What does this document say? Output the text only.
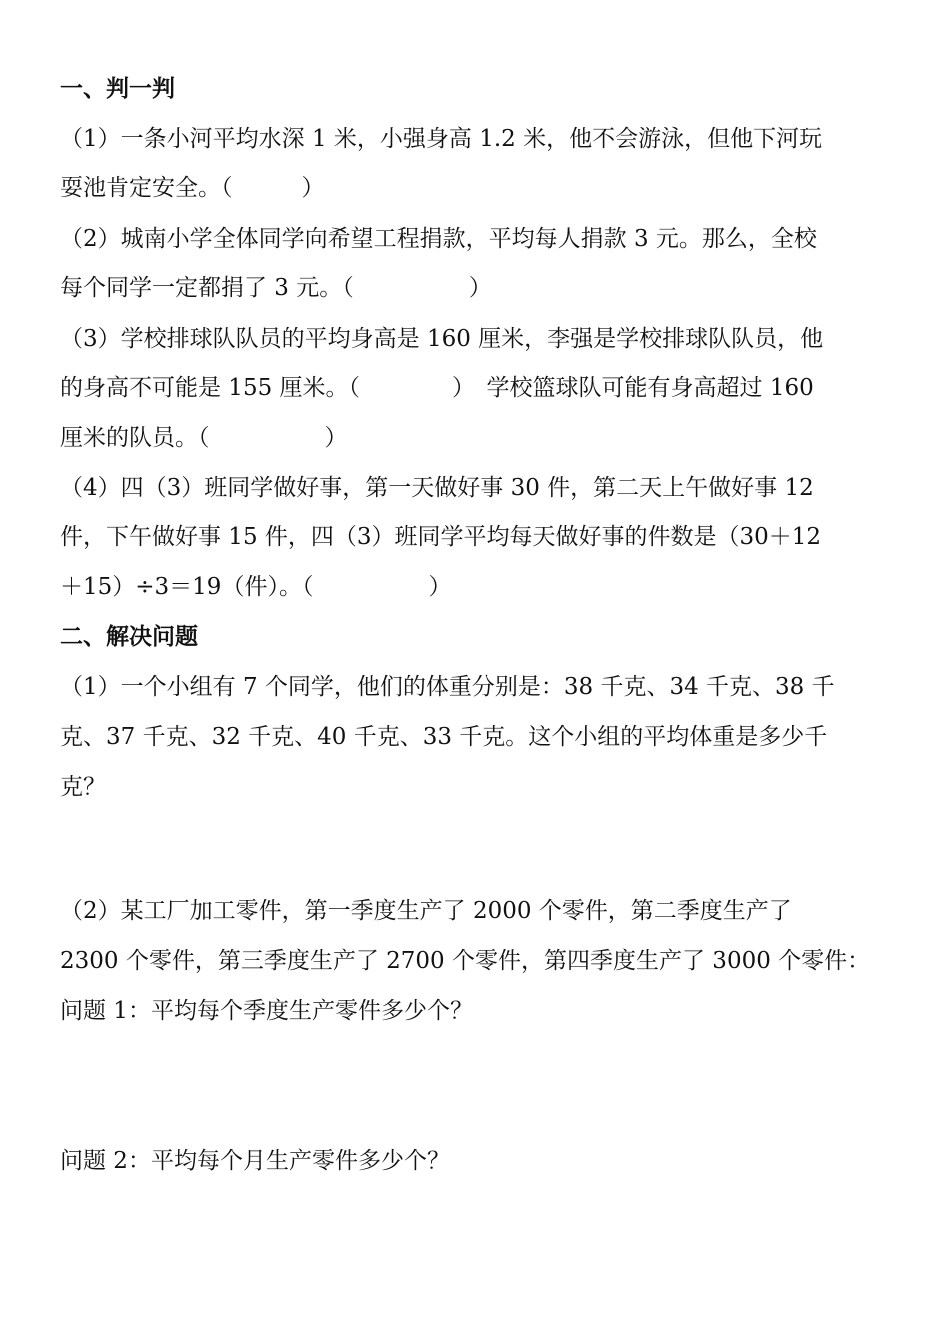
一、判一判
（1）一条小河平均水深 1 米，小强身高 1.2 米，他不会游泳，但他下河玩
耍池肯定安全。（　　　）
（2）城南小学全体同学向希望工程捐款，平均每人捐款 3 元。那么，全校
每个同学一定都捐了 3 元。（　　　　　）
（3）学校排球队队员的平均身高是 160 厘米，李强是学校排球队队员，他
的身高不可能是 155 厘米。（　　　　）　学校篮球队可能有身高超过 160
厘米的队员。（　　　　　）
（4）四（3）班同学做好事，第一天做好事 30 件，第二天上午做好事 12
件，下午做好事 15 件，四（3）班同学平均每天做好事的件数是（30＋12
＋15）÷3＝19（件）。（　　　　　）
二、解决问题
（1）一个小组有 7 个同学，他们的体重分别是：38 千克、34 千克、38 千
克、37 千克、32 千克、40 千克、33 千克。这个小组的平均体重是多少千
克？
（2）某工厂加工零件，第一季度生产了 2000 个零件，第二季度生产了
2300 个零件，第三季度生产了 2700 个零件，第四季度生产了 3000 个零件：
问题 1：平均每个季度生产零件多少个？
问题 2：平均每个月生产零件多少个？
